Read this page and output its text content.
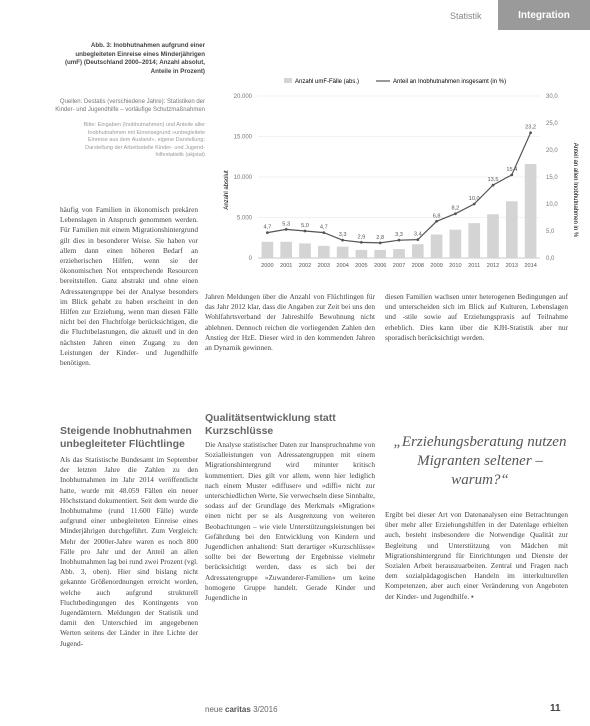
Statistik	Integration
Abb. 3: Inobhutnahmen aufgrund einer unbegleiteten Einreise eines Minderjährigen (umF) (Deutschland 2000–2014; Anzahl absolut, Anteile in Prozent)
Quellen: Destatis (verschiedene Jahre): Statistiken der Kinder- und Jugendhilfe – vorläufige Schutzmaßnahmen
Bitte: Eingaben (Inobhutnahmen) und Anteile aller
Inobhutnahmen mit Einreisegrund »unbegleitete
Einreise aus dem Ausland«, eigene Darstellung;
Darstellung der Arbeitsstelle Kinder- und Jugend-
hilfestatistik (akjstat)
Anzahl umF-Fälle (abs.)	Anteil an Inobhutnahmen insgesamt (in %)
Anzahl absolut	Anteil an allen Inobhutnahmen in %
0
5.000
10.000
15.000
20.000
0,0
5,0
10,0
15,0
20,0
25,0
30,0
2000 2001 2002 2003 2004 2005 2006 2007 2008 2009 2010 2011 2012 2013 2014
4,7
5,3 5,0 4,7
3,3 2,9 2,8 3,3 3,4
6,8
8,2
10,0
13,5
15,4
23,2

häufig von Familien in ökonomisch prekären Lebenslagen in Anspruch genommen werden. Für Familien mit einem Migrationshintergrund gilt dies in besonderer Weise. Sie haben vor allem dann einen höheren Bedarf an erzieherischen Hilfen, wenn sie der ökonomischen Not entsprechende Resourcen bereitstellen. Ganz abstrakt und ohne einen Adressatengruppe bei der Analyse besonders im Blick gehabt zu haben erscheint in den Hilfen zur Erziehung, wenn man diesen Fälle nicht bei den Fluchtfolge berücksichtigen, die die Fluchtbelastungen, die aktuell und in den nächsten Jahren einen Zugang zu den Leistungen der Kinder- und Jugendhilfe benötigen.

Steigende Inobhutnahmen unbegleiteter Flüchtlinge

Als das Statistische Bundesamt im September der letzten Jahre die Zahlen zu den Inobhutnahmen im Jahr 2014 veröffentlicht hatte, wurde mit 48.059 Fällen ein neuer Höchststand dokumentiert. Seit dem wurde die Inobhutnahme (rund 11.600 Fälle) wurde aufgrund einer unbegleiteten Einreise eines Minderjährigen durchgeführt. Zum Vergleich: Mehr der 2000er-Jahre waren es noch 800 Fälle pro Jahr und der Anteil an allen Inobhutnahmen lag bei rund zwei Prozent (vgl. Abb. 3, oben). Hier sind bislang nicht gekannte Größenordnungen erreicht worden, welche auch aufgrund strukturell Fluchtbedingungen des Kontingents von Jugendämtern. Meldungen der Statistik und damit den Unterschied im angegebenen Werten seitens der Länder in ihre Lichte der Jugend-

Jahren Meldungen über die Anzahl von Flüchtlingen für das Jahr 2012 klar, dass die Angaben zur Zeit bei uns den Wohlfahrtsverband der Jahreshilfe Bewohnung nicht ablehnen. Dennoch reichen die vorliegenden Zahlen den Anstieg der HzE. Dieser wird in den kommenden Jahren an Dynamik gewinnen.

Qualitätsentwicklung statt Kurzschlüsse

Die Analyse statistischer Daten zur Inanspruchnahme von Sozialleistungen von Adressatengruppen mit einem Migrationshintergrund wird mitunter kritisch kommentiert. Dies gilt vor allem, wenn hier lediglich nach einem Muster »diffuser« und »diffi« nicht zur unterschiedlichen Werte, Sie verwechseln diese Sinnhalte, sodass auf der Grundlage des Merkmals »Migration« einen nicht per se als Ausgrenzung von weiteren Beobachtungen – wie viele Unterstützungsleistungen bei Gefährdung bei den Entwicklung von Kindern und Jugendlichen anhaltend: Statt derartiger »Kurzschlüsse« sollte bei der Bewertung der Ergebnisse vielmehr berücksichtigt werden, dass es sich bei der Adressatengruppe »Zuwanderer-Familien« um keine homogene Gruppe handelt. Gerade Kinder und Jugendliche in

diesen Familien wachsen unter heterogenen Bedingungen auf und unterscheiden sich im Blick auf Kulturen, Lebenslagen und -stile sowie auf Erziehungspraxis auf Teilnahme erheblich. Dies kann über die KJH-Statistik aber nur sporadisch berücksichtigt werden.

„Erziehungsberatung nutzen Migranten seltener – warum?“

Ergibt bei dieser Art von Datenanalysen eine Betrachtungen über mehr aller Erziehungshilfen in der Datenlage erhielten auch, besteht insbesondere die Notwendige Qualität zur Begleitung und Unterstützung von Mädchen mit Migrationshintergrund für Einrichtungen und Dienste der Sozialen Arbeit herauszuarbeiten. Zentral und Fragen nach dem sozialpädagogischen Handeln im interkulturellen Kompetenzen, aber auch einer Veränderung von Angeboten der Kinder- und Jugendhilfe. ▪

neue caritas 3/2016	11
